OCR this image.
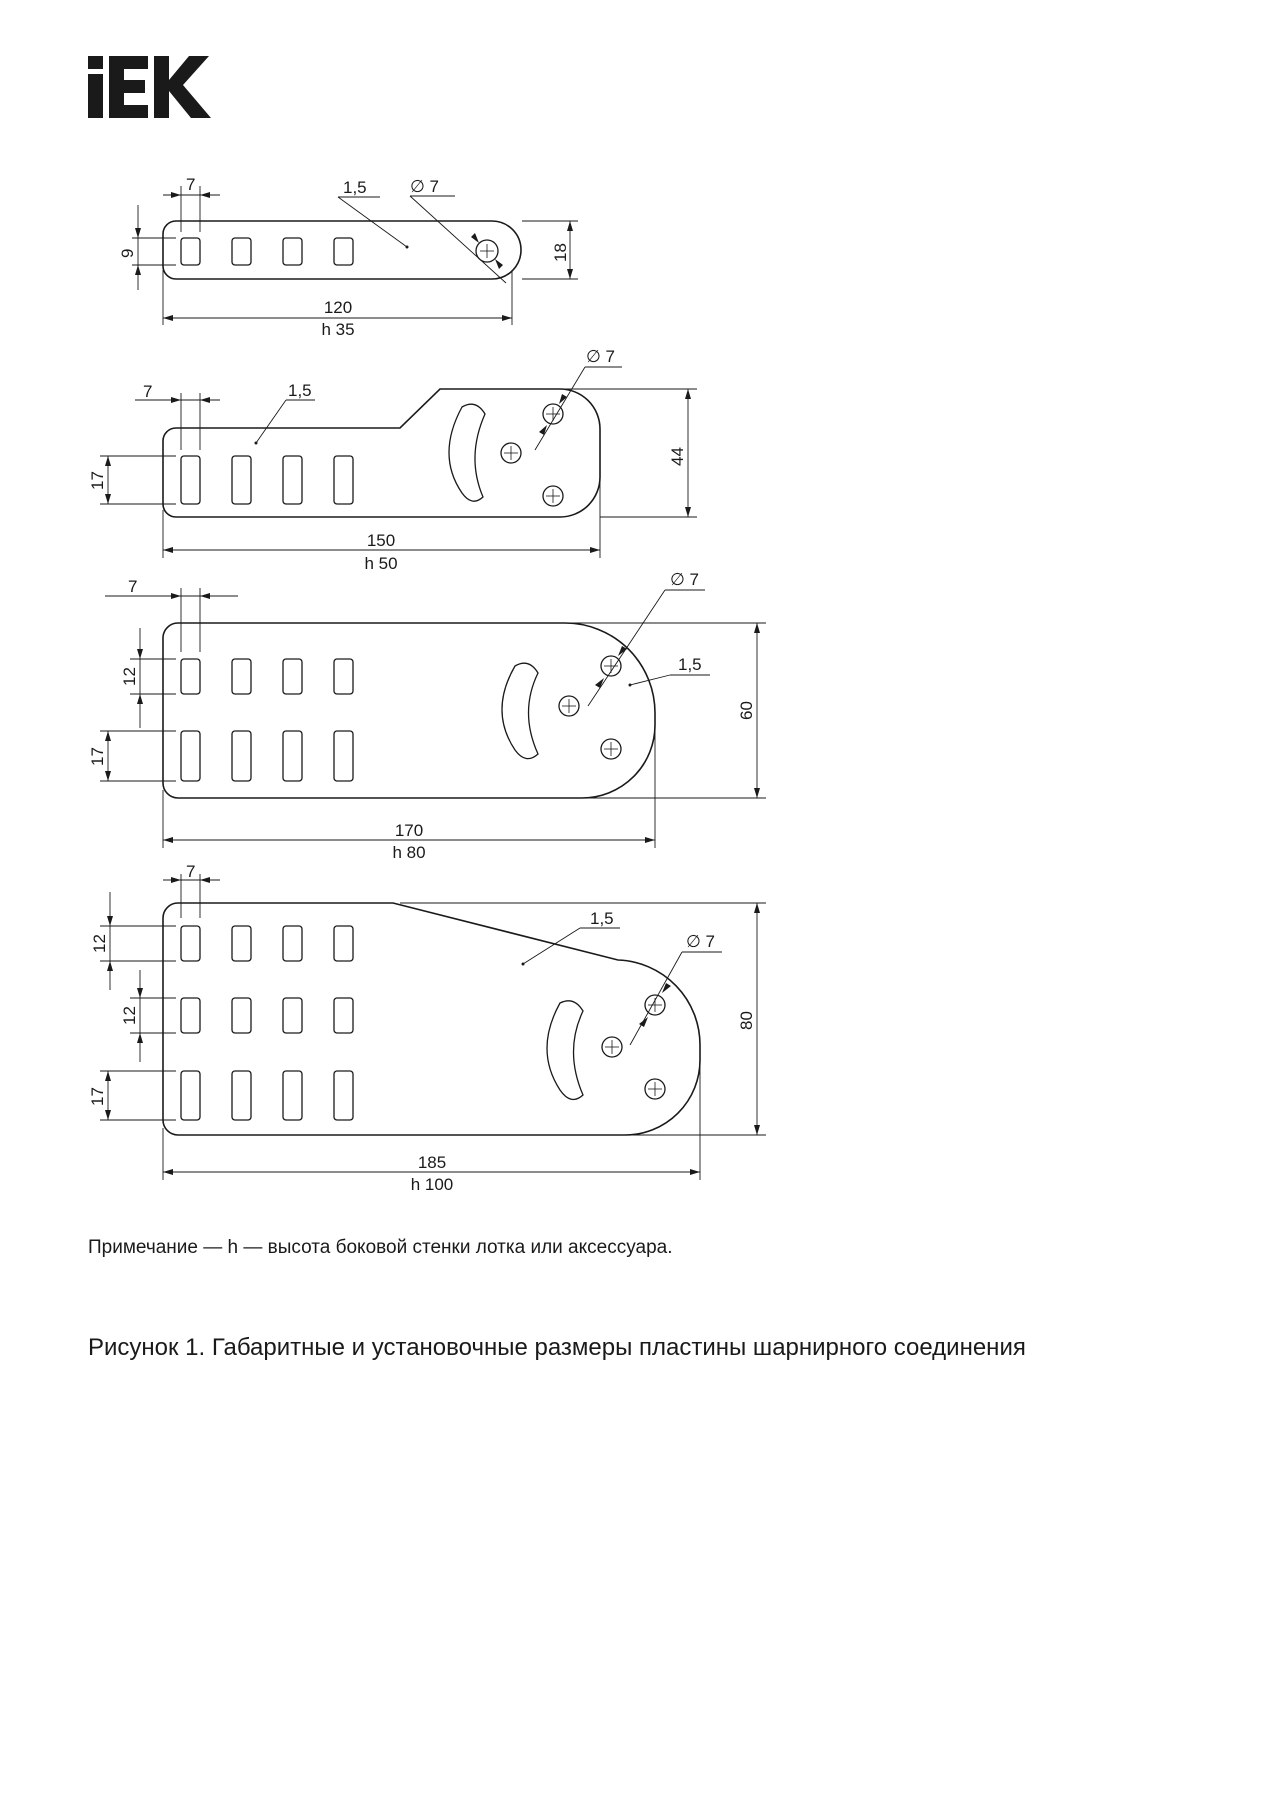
7	1,5	∅ 7
9	18
120
h 35
7	1,5
∅ 7
17
44
150
h 50
7
1,5
∅ 7
12
17
60
170
h 80
7
1,5
∅ 7
12
12
17
80
185
h 100
Примечание — h — высота боковой стенки лотка или аксессуара.
Рисунок 1. Габаритные и установочные размеры пластины шарнирного соединения
